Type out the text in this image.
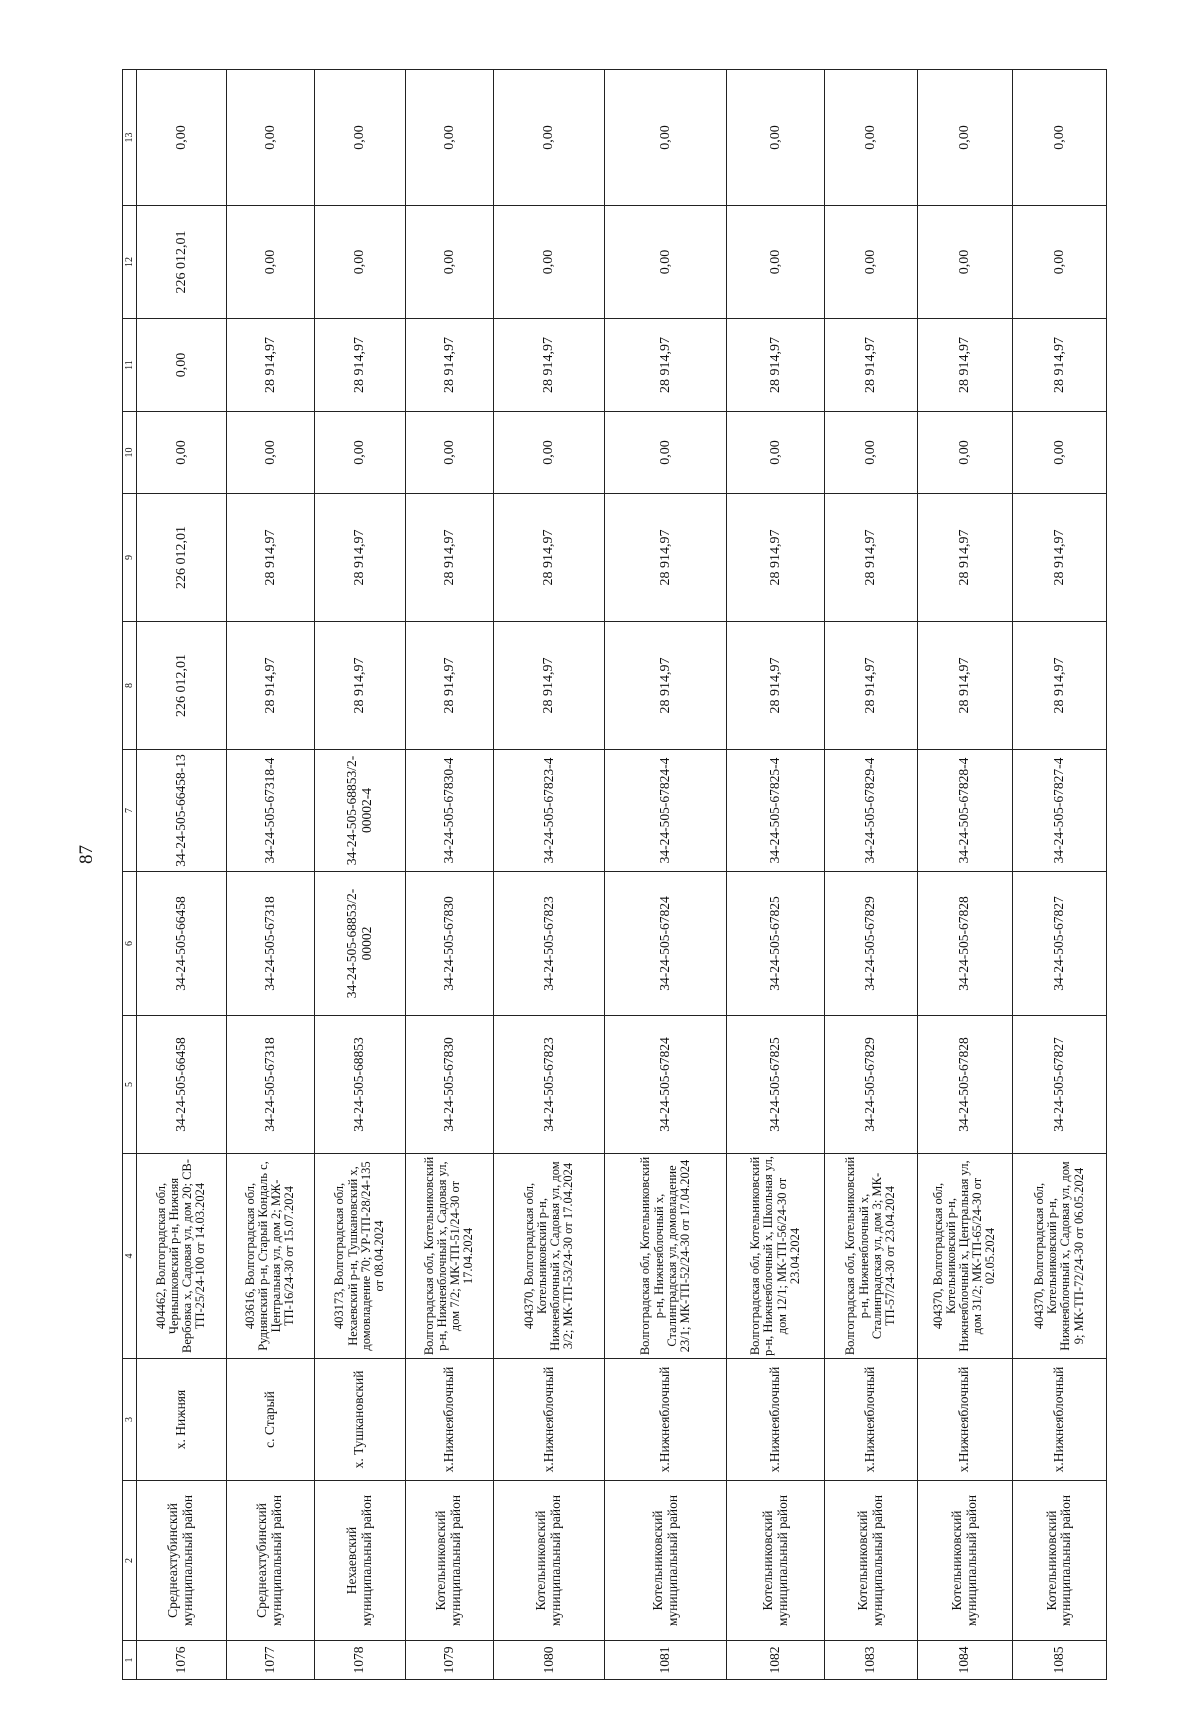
87
1	2	3	4	5	6	7	8	9	10	11	12	13
1076	Среднеахтубинский муниципальный район	х. Нижняя	404462, Волгоградская обл, Чернышковский р-н, Нижняя Вербовка х, Садовая ул, дом 20; СВ-ТП-25/24-100 от 14.03.2024	34-24-505-66458	34-24-505-66458	34-24-505-66458-13	226 012,01	226 012,01	0,00	0,00	226 012,01	0,00
1077	Среднеахтубинский муниципальный район	с. Старый	403616, Волгоградская обл, Руднянский р-н, Старый Кондаль с, Центральная ул, дом 2; МЖ-ТП-16/24-30 от 15.07.2024	34-24-505-67318	34-24-505-67318	34-24-505-67318-4	28 914,97	28 914,97	0,00	28 914,97	0,00	0,00
1078	Нехаевский муниципальный район	х. Тушкановский	403173, Волгоградская обл, Нехаевский р-н, Тушкановский х, домовладение 70; УР-ТП-28/24-135 от 08.04.2024	34-24-505-68853	34-24-505-68853/2-00002	34-24-505-68853/2-00002-4	28 914,97	28 914,97	0,00	28 914,97	0,00	0,00
1079	Котельниковский муниципальный район	х.Нижнеяблочный	Волгоградская обл, Котельниковский р-н, Нижнеяблочный х, Садовая ул, дом 7/2; МК-ТП-51/24-30 от 17.04.2024	34-24-505-67830	34-24-505-67830	34-24-505-67830-4	28 914,97	28 914,97	0,00	28 914,97	0,00	0,00
1080	Котельниковский муниципальный район	х.Нижнеяблочный	404370, Волгоградская обл, Котельниковский р-н, Нижнеяблочный х, Садовая ул, дом 3/2; МК-ТП-53/24-30 от 17.04.2024	34-24-505-67823	34-24-505-67823	34-24-505-67823-4	28 914,97	28 914,97	0,00	28 914,97	0,00	0,00
1081	Котельниковский муниципальный район	х.Нижнеяблочный	Волгоградская обл, Котельниковский р-н, Нижнеяблочный х, Сталинградская ул, домовладение 23/1; МК-ТП-52/24-30 от 17.04.2024	34-24-505-67824	34-24-505-67824	34-24-505-67824-4	28 914,97	28 914,97	0,00	28 914,97	0,00	0,00
1082	Котельниковский муниципальный район	х.Нижнеяблочный	Волгоградская обл, Котельниковский р-н, Нижнеяблочный х, Школьная ул, дом 12/1; МК-ТП-56/24-30 от 23.04.2024	34-24-505-67825	34-24-505-67825	34-24-505-67825-4	28 914,97	28 914,97	0,00	28 914,97	0,00	0,00
1083	Котельниковский муниципальный район	х.Нижнеяблочный	Волгоградская обл, Котельниковский р-н, Нижнеяблочный х, Сталинградская ул, дом 3; МК-ТП-57/24-30 от 23.04.2024	34-24-505-67829	34-24-505-67829	34-24-505-67829-4	28 914,97	28 914,97	0,00	28 914,97	0,00	0,00
1084	Котельниковский муниципальный район	х.Нижнеяблочный	404370, Волгоградская обл, Котельниковский р-н, Нижнеяблочный х, Центральная ул, дом 31/2; МК-ТП-65/24-30 от 02.05.2024	34-24-505-67828	34-24-505-67828	34-24-505-67828-4	28 914,97	28 914,97	0,00	28 914,97	0,00	0,00
1085	Котельниковский муниципальный район	х.Нижнеяблочный	404370, Волгоградская обл, Котельниковский р-н, Нижнеяблочный х, Садовая ул, дом 9; МК-ТП-72/24-30 от 06.05.2024	34-24-505-67827	34-24-505-67827	34-24-505-67827-4	28 914,97	28 914,97	0,00	28 914,97	0,00	0,00
